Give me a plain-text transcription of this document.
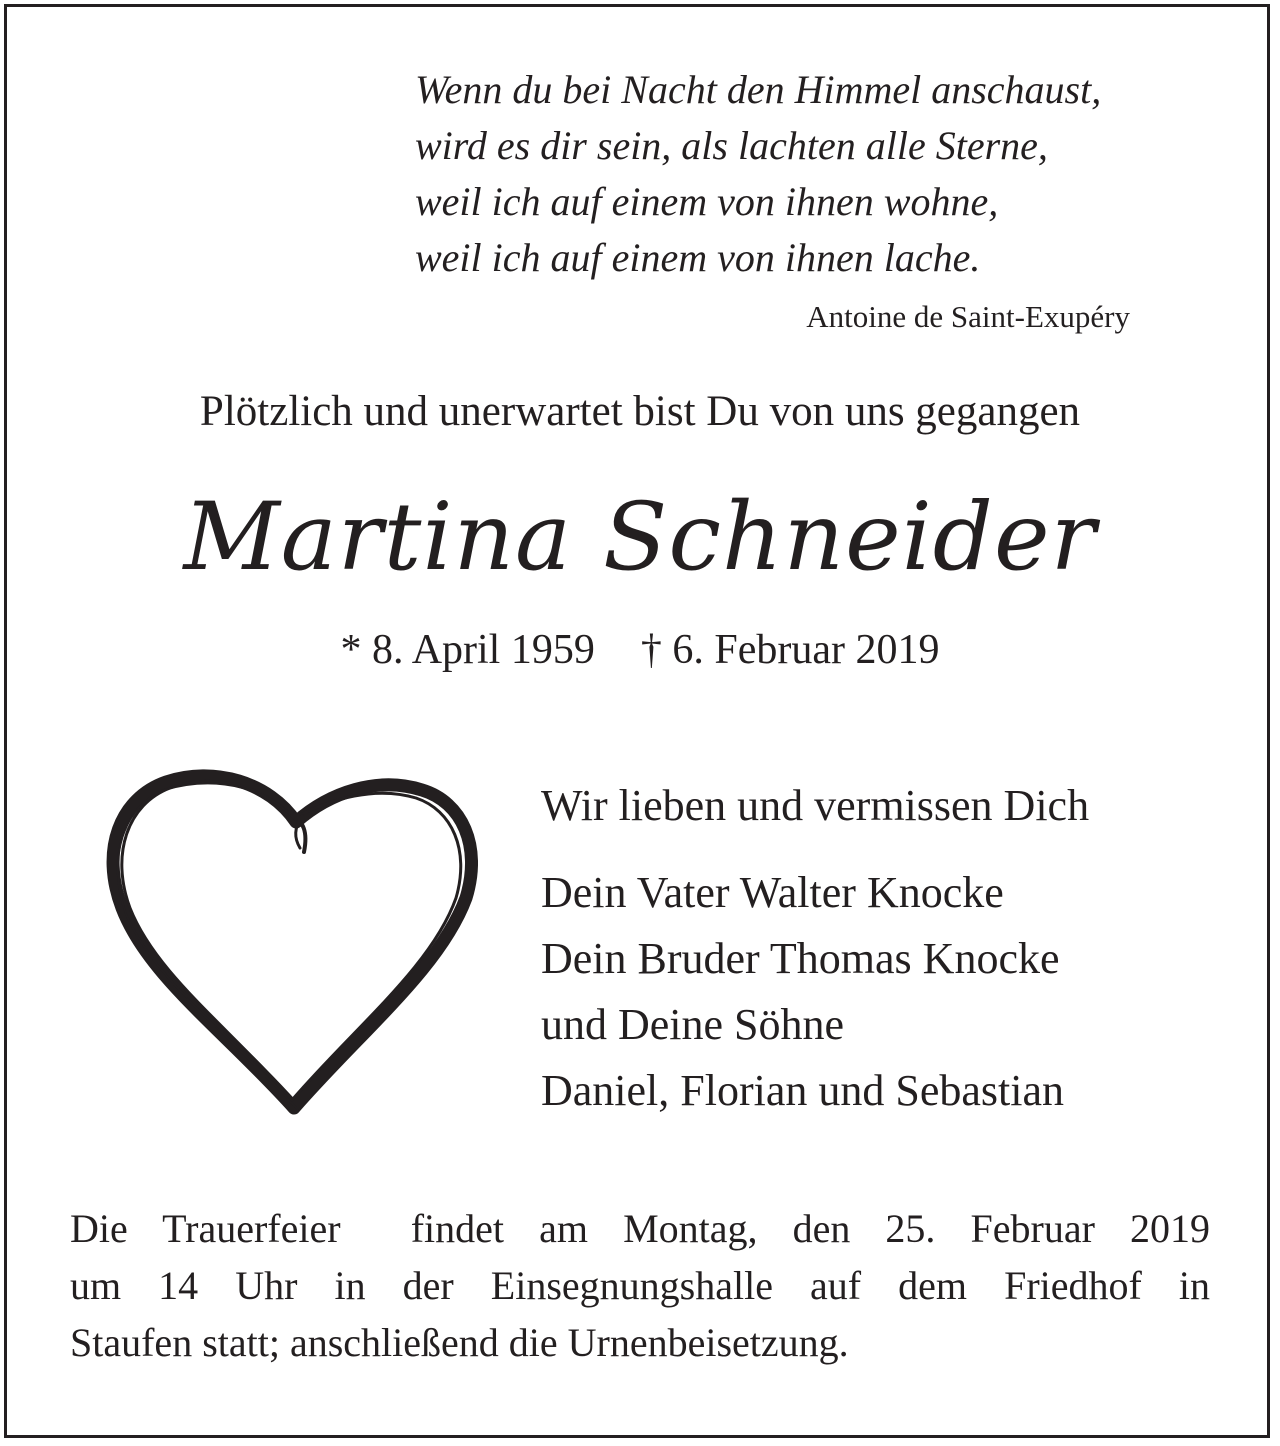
Wenn du bei Nacht den Himmel anschaust,
wird es dir sein, als lachten alle Sterne,
weil ich auf einem von ihnen wohne,
weil ich auf einem von ihnen lache.
Antoine de Saint-Exupéry
Plötzlich und unerwartet bist Du von uns gegangen
Martina Schneider
* 8. April 1959 † 6. Februar 2019
Wir lieben und vermissen Dich
Dein Vater Walter Knocke
Dein Bruder Thomas Knocke
und Deine Söhne
Daniel, Florian und Sebastian
Die Trauerfeier  findet am Montag, den 25. Februar 2019
um 14 Uhr in der Einsegnungshalle auf dem Friedhof in
Staufen statt; anschließend die Urnenbeisetzung.
